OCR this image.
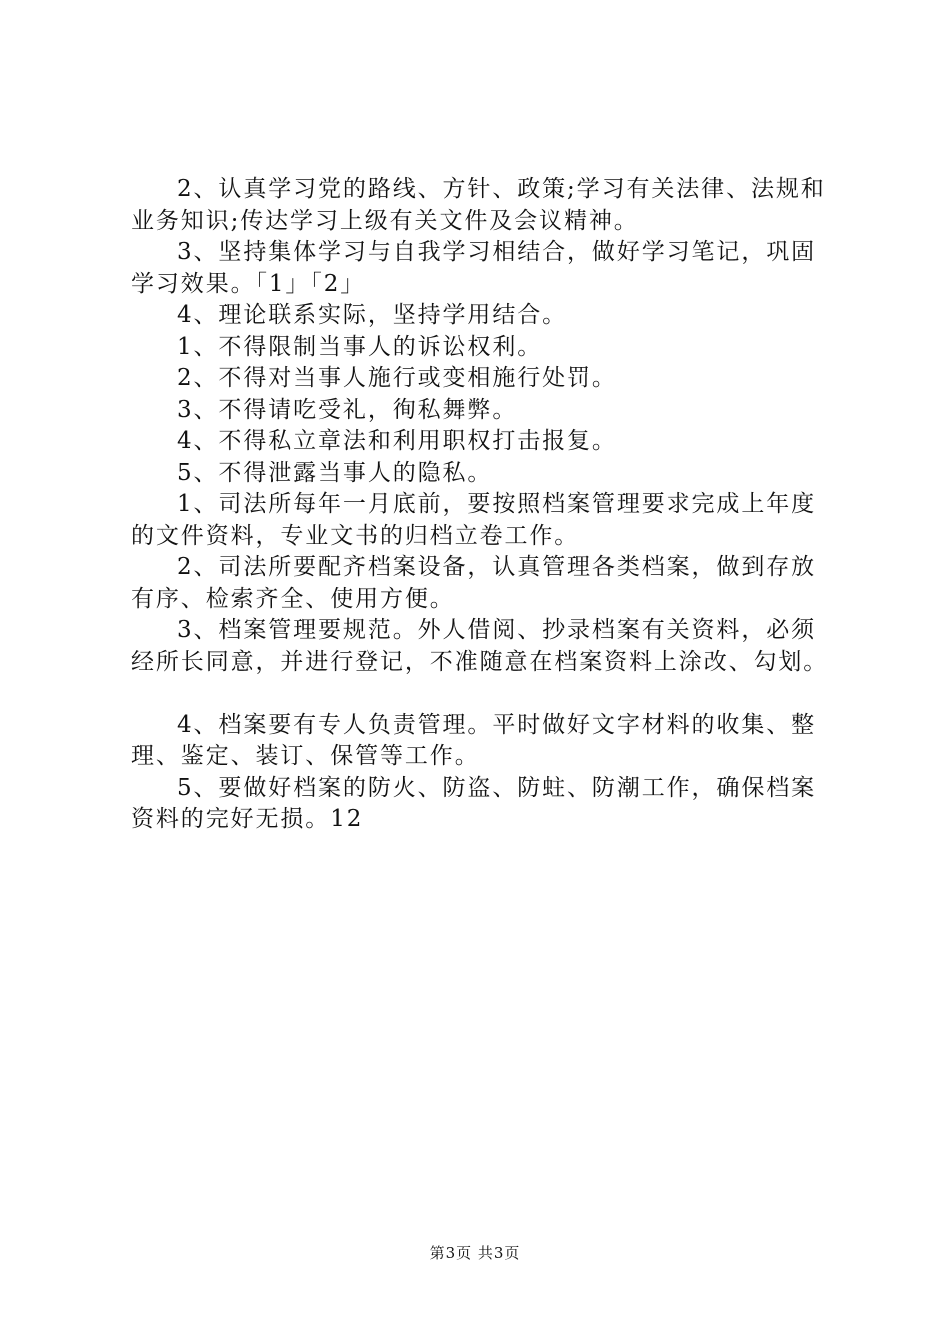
2、认真学习党的路线、方针、政策;学习有关法律、法规和业务知识;传达学习上级有关文件及会议精神。

3、坚持集体学习与自我学习相结合，做好学习笔记，巩固学习效果。「1」「2」

4、理论联系实际，坚持学用结合。

1、不得限制当事人的诉讼权利。

2、不得对当事人施行或变相施行处罚。

3、不得请吃受礼，徇私舞弊。

4、不得私立章法和利用职权打击报复。

5、不得泄露当事人的隐私。

1、司法所每年一月底前，要按照档案管理要求完成上年度的文件资料，专业文书的归档立卷工作。

2、司法所要配齐档案设备，认真管理各类档案，做到存放有序、检索齐全、使用方便。

3、档案管理要规范。外人借阅、抄录档案有关资料，必须经所长同意，并进行登记，不准随意在档案资料上涂改、勾划。

4、档案要有专人负责管理。平时做好文字材料的收集、整理、鉴定、装订、保管等工作。

5、要做好档案的防火、防盗、防蛀、防潮工作，确保档案资料的完好无损。12

第3页 共3页
